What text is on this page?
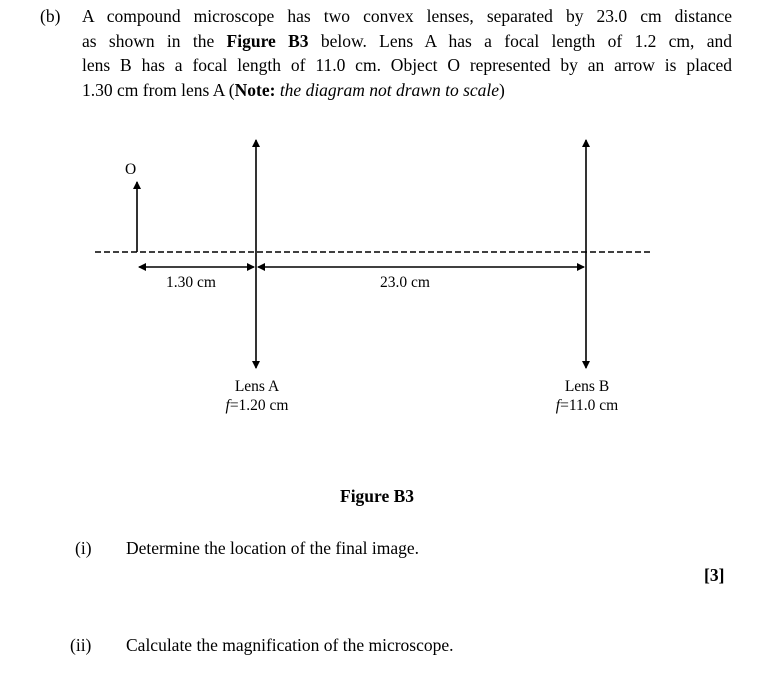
(b) A compound microscope has two convex lenses, separated by 23.0 cm distance
as shown in the Figure B3 below. Lens A has a focal length of 1.2 cm, and
lens B has a focal length of 11.0 cm. Object O represented by an arrow is placed
1.30 cm from lens A (Note: the diagram not drawn to scale)
O
1.30 cm	23.0 cm
Lens A
f=1.20 cm
Lens B
f=11.0 cm
Figure B3
(i) Determine the location of the final image.
[3]
(ii) Calculate the magnification of the microscope.
